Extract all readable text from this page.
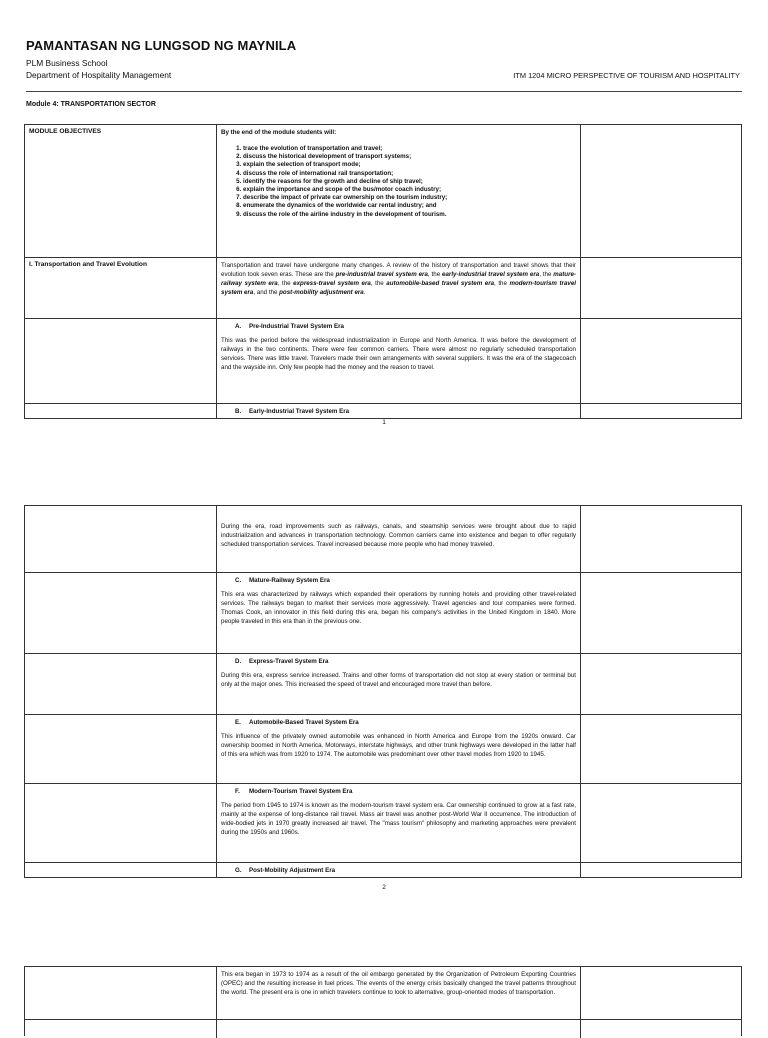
PAMANTASAN NG LUNGSOD NG MAYNILA
PLM Business School
Department of Hospitality Management	ITM 1204 MICRO PERSPECTIVE OF TOURISM AND HOSPITALITY
Module 4: TRANSPORTATION SECTOR
MODULE OBJECTIVES	By the end of the module students will:
1. trace the evolution of transportation and travel;
2. discuss the historical development of transport systems;
3. explain the selection of transport mode;
4. discuss the role of international rail transportation;
5. identify the reasons for the growth and decline of ship travel;
6. explain the importance and scope of the bus/motor coach industry;
7. describe the impact of private car ownership on the tourism industry;
8. enumerate the dynamics of the worldwide car rental industry; and
9. discuss the role of the airline industry in the development of tourism.
I. Transportation and Travel Evolution	Transportation and travel have undergone many changes. A review of the history of transportation and travel shows that their evolution took seven eras. These are the pre-industrial travel system era, the early-industrial travel system era, the mature-railway system era, the express-travel system era, the automobile-based travel system era, the modern-tourism travel system era, and the post-mobility adjustment era.

A. Pre-Industrial Travel System Era

This was the period before the widespread industrialization in Europe and North America. It was before the development of railways in the two continents. There were few common carriers. There were almost no regularly scheduled transportation services. There was little travel. Travelers made their own arrangements with several suppliers. It was the era of the stagecoach and the wayside inn. Only few people had the money and the reason to travel.

B. Early-Industrial Travel System Era
1

During the era, road improvements such as railways, canals, and steamship services were brought about due to rapid industrialization and advances in transportation technology. Common carriers came into existence and began to offer regularly scheduled transportation services. Travel increased because more people who had money traveled.

C. Mature-Railway System Era

This era was characterized by railways which expanded their operations by running hotels and providing other travel-related services. The railways began to market their services more aggressively. Travel agencies and tour companies were formed. Thomas Cook, an innovator in this field during this era, began his company's activities in the United Kingdom in 1840. More people traveled in this era than in the previous one.

D. Express-Travel System Era

During this era, express service increased. Trains and other forms of transportation did not stop at every station or terminal but only at the major ones. This increased the speed of travel and encouraged more travel than before.

E. Automobile-Based Travel System Era

This influence of the privately owned automobile was enhanced in North America and Europe from the 1920s onward. Car ownership boomed in North America. Motorways, interstate highways, and other trunk highways were developed in the latter half of this era which was from 1920 to 1974. The automobile was predominant over other travel modes from 1920 to 1945.

F. Modern-Tourism Travel System Era

The period from 1945 to 1974 is known as the modern-tourism travel system era. Car ownership continued to grow at a fast rate, mainly at the expense of long-distance rail travel. Mass air travel was another post-World War II occurrence. The introduction of wide-bodied jets in 1970 greatly increased air travel. The "mass tourism" philosophy and marketing approaches were prevalent during the 1950s and 1960s.

G. Post-Mobility Adjustment Era
2

This era began in 1973 to 1974 as a result of the oil embargo generated by the Organization of Petroleum Exporting Countries (OPEC) and the resulting increase in fuel prices. The events of the energy crisis basically changed the travel patterns throughout the world. The present era is one in which travelers continue to look to alternative, group-oriented modes of transportation.
